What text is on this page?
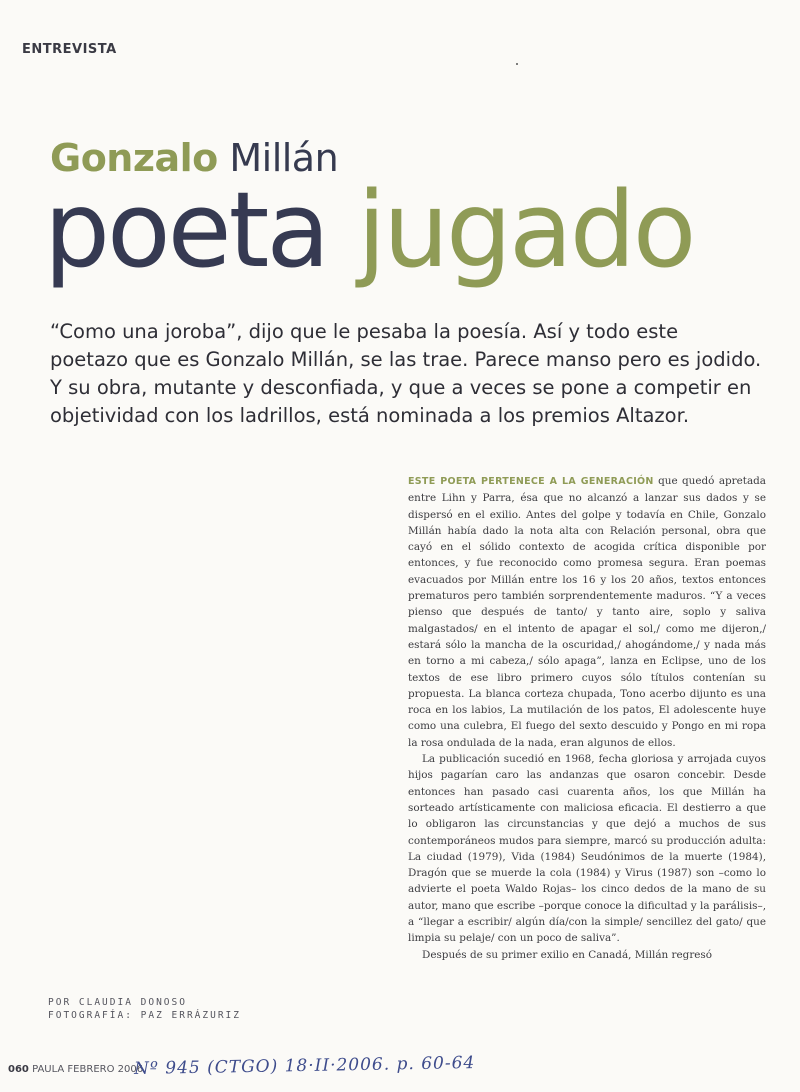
ENTREVISTA
Gonzalo Millán
poeta jugado

“Como una joroba”, dijo que le pesaba la poesía. Así y todo este poetazo que es Gonzalo Millán, se las trae. Parece manso pero es jodido. Y su obra, mutante y desconfiada, y que a veces se pone a competir en objetividad con los ladrillos, está nominada a los premios Altazor.

ESTE POETA PERTENECE A LA GENERACIÓN que quedó apretada entre Lihn y Parra, ésa que no alcanzó a lanzar sus dados y se dispersó en el exilio. Antes del golpe y todavía en Chile, Gonzalo Millán había dado la nota alta con Relación personal, obra que cayó en el sólido contexto de acogida crítica disponible por entonces, y fue reconocido como promesa segura. Eran poemas evacuados por Millán entre los 16 y los 20 años, textos entonces prematuros pero también sorprendentemente maduros. “Y a veces pienso que después de tanto/ y tanto aire, soplo y saliva malgastados/ en el intento de apagar el sol,/ como me dijeron,/ estará sólo la mancha de la oscuridad,/ ahogándome,/ y nada más en torno a mi cabeza,/ sólo apaga”, lanza en Eclipse, uno de los textos de ese libro primero cuyos sólo títulos contenían su propuesta. La blanca corteza chupada, Tono acerbo dijunto es una roca en los labios, La mutilación de los patos, El adolescente huye como una culebra, El fuego del sexto descuido y Pongo en mi ropa la rosa ondulada de la nada, eran algunos de ellos.

La publicación sucedió en 1968, fecha gloriosa y arrojada cuyos hijos pagarían caro las andanzas que osaron concebir. Desde entonces han pasado casi cuarenta años, los que Millán ha sorteado artísticamente con maliciosa eficacia. El destierro a que lo obligaron las circunstancias y que dejó a muchos de sus contemporáneos mudos para siempre, marcó su producción adulta: La ciudad (1979), Vida (1984) Seudónimos de la muerte (1984), Dragón que se muerde la cola (1984) y Virus (1987) son –como lo advierte el poeta Waldo Rojas– los cinco dedos de la mano de su autor, mano que escribe –porque conoce la dificultad y la parálisis–, a “llegar a escribir/ algún día/con la simple/ sencillez del gato/ que limpia su pelaje/ con un poco de saliva”.

Después de su primer exilio en Canadá, Millán regresó

POR CLAUDIA DONOSO
FOTOGRAFÍA: PAZ ERRÁZURIZ
060 PAULA FEBRERO 2006
Nº 945 (CTGO) 18·II·2006. p. 60-64
